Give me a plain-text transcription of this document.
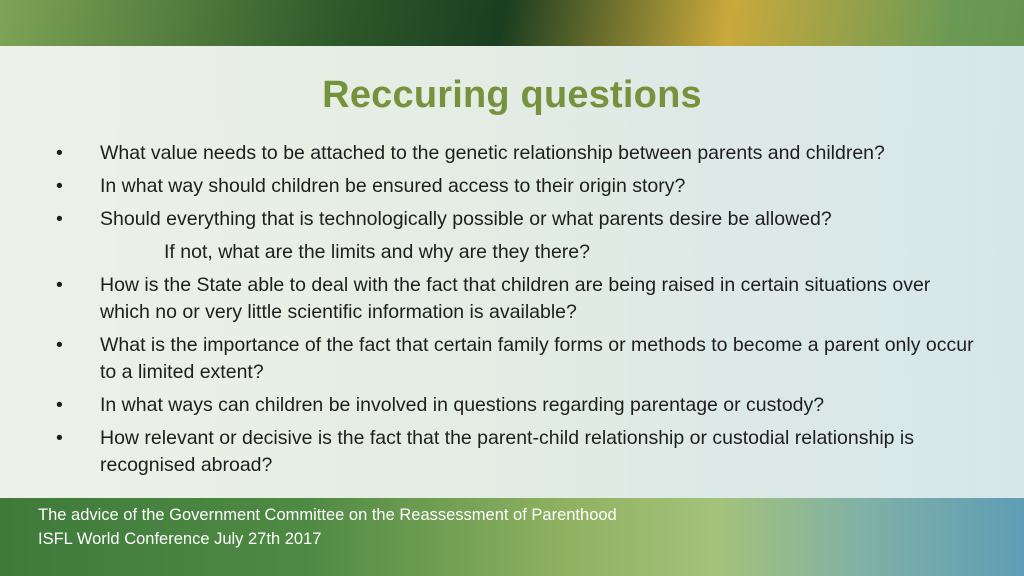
Reccuring questions
•	What value needs to be attached to the genetic relationship between parents and children?
•	In what way should children be ensured access to their origin story?
•	Should everything that is technologically possible or what parents desire be allowed?
If not, what are the limits and why are they there?
•	How is the State able to deal with the fact that children are being raised in certain situations over which no or very little scientific information is available?
•	What is the importance of the fact that certain family forms or methods to become a parent only occur to a limited extent?
•	In what ways can children be involved in questions regarding parentage or custody?
•	How relevant or decisive is the fact that the parent-child relationship or custodial relationship is recognised abroad?
The advice of the Government Committee on the Reassessment of Parenthood
ISFL World Conference July 27th 2017
